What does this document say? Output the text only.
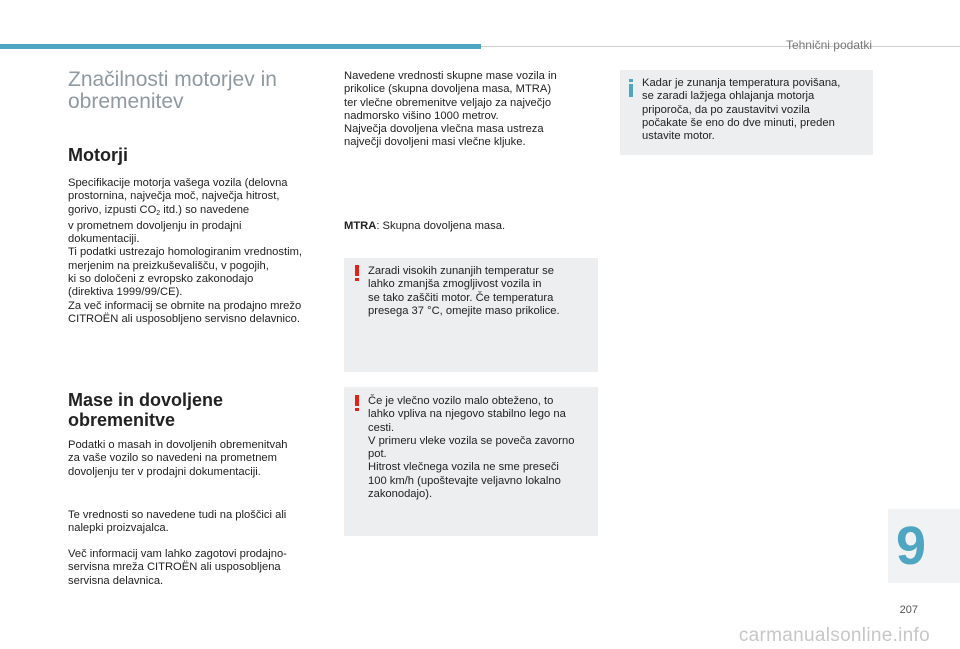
Tehnični podatki
Značilnosti motorjev in
obremenitev
Motorji

Specifikacije motorja vašega vozila (delovna
prostornina, največja moč, največja hitrost,
gorivo, izpusti $CO_2$ itd.) so navedene
v prometnem dovoljenju in prodajni
dokumentaciji.
Ti podatki ustrezajo homologiranim vrednostim,
merjenim na preizkuševališču, v pogojih,
ki so določeni z evropsko zakonodajo
(direktiva 1999/99/CE).
Za več informacij se obrnite na prodajno mrežo
CITROËN ali usposobljeno servisno delavnico.

Mase in dovoljene
obremenitve

Podatki o masah in dovoljenih obremenitvah
za vaše vozilo so navedeni na prometnem
dovoljenju ter v prodajni dokumentaciji.

Te vrednosti so navedene tudi na ploščici ali
nalepki proizvajalca.

Več informacij vam lahko zagotovi prodajno-
servisna mreža CITROËN ali usposobljena
servisna delavnica.

Navedene vrednosti skupne mase vozila in
prikolice (skupna dovoljena masa, MTRA)
ter vlečne obremenitve veljajo za največjo
nadmorsko višino 1000 metrov.
Največja dovoljena vlečna masa ustreza
največji dovoljeni masi vlečne kljuke.

MTRA: Skupna dovoljena masa.

Zaradi visokih zunanjih temperatur se
lahko zmanjša zmogljivost vozila in
se tako zaščiti motor. Če temperatura
presega 37 °C, omejite maso prikolice.
Če je vlečno vozilo malo obteženo, to
lahko vpliva na njegovo stabilno lego na
cesti.
V primeru vleke vozila se poveča zavorno
pot.
Hitrost vlečnega vozila ne sme preseči
100 km/h (upoštevajte veljavno lokalno
zakonodajo).
Kadar je zunanja temperatura povišana,
se zaradi lažjega ohlajanja motorja
priporoča, da po zaustavitvi vozila
počakate še eno do dve minuti, preden
ustavite motor.
9
207
carmanualsonline.info
